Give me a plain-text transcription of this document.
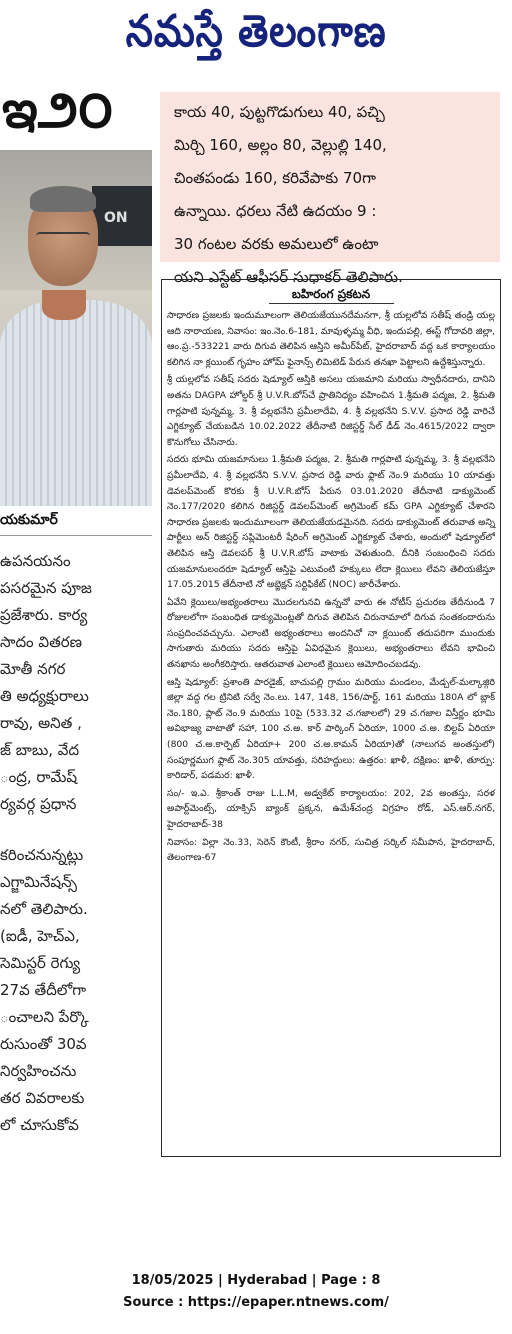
నమస్తే తెలంగాణ
ఇ౨౦
ON
యకుమార్
ఉపనయనం
పసరమైన పూజ
ప్రజేశారు. కార్య
సాదం వితరణ
మోతీ నగర
తి అధ్యక్షురాలు
రావు, అనిత ,
జ్ బాబు, వేద
ంద్ర, రామేష్
ర్యవర్గ ప్రధాన
కరించనున్నట్లు
ఎగ్జామినేషన్స్
నలో తెలిపారు.
(ఐడీ, హెచ్ఎ,
సెమిస్టర్ రెగ్యు
27వ తేదీలోగా
ంచాలని పేర్కొ
రుసుంతో 30వ
నిర్వహించను
తర వివరాలకు
లో చూసుకోవ
కాయ 40, పుట్టగొడుగులు 40, పచ్చి
మిర్చి 160, అల్లం 80, వెల్లుల్లి 140,
చింతపండు 160, కరివేపాకు 70గా
ఉన్నాయి. ధరలు నేటి ఉదయం 9 :
30 గంటల వరకు అమలులో ఉంటా
యని ఎస్టేట్ ఆఫీసర్ సుధాకర్ తెలిపారు.
బహిరంగ ప్రకటన
సాధారణ ప్రజలకు ఇందుమూలంగా తెలియజేయునదేమనగా, శ్రీ యల్లలోవ సతీష్ తండ్రి యల్ల ఆది నారాయణ, నివాసం: ఇం.నెం.6-181, మావుళ్ళమ్మ వీధి, ఇందుపల్లి, ఈస్ట్ గోదావరి జిల్లా, ఆం.ప్ర.-533221 వారు దిగువ తెలిపిన ఆస్తిని అమీర్‌పేట్, హైదరాబాద్ వద్ద ఒక కార్యాలయం కలిగిన నా క్లయింట్ గృహం హోమ్ ఫైనాన్స్ లిమిటెడ్ పేరున తనఖా పెట్టాలని ఉద్దేశిస్తున్నారు.
శ్రీ యల్లలోవ సతీష్ సదరు షెడ్యూల్ ఆస్తికి అసలు యజమాని మరియు స్వాధీనదారు, దానిని అతను DAGPA హోల్డర్ శ్రీ U.V.R.బోస్‌చే ప్రాతినిధ్యం వహించిన 1.శ్రీమతి పద్మజ, 2. శ్రీమతి గార్లపాటి పున్నమ్మ, 3. శ్రీ వల్లభనేని ప్రమీలాదేవి, 4. శ్రీ వల్లభనేని S.V.V. ప్రసాద రెడ్డి వారిచే ఎగ్జిక్యూట్ చేయబడిన 10.02.2022 తేదీనాటి రిజిస్టర్డ్ సేల్ డీడ్ నెం.4615/2022 ద్వారా కొనుగోలు చేసినారు.
సదరు భూమి యజమానులు 1.శ్రీమతి పద్మజ, 2. శ్రీమతి గార్లపాటి పున్నమ్మ, 3. శ్రీ వల్లభనేని ప్రమీలాదేవి, 4. శ్రీ వల్లభనేని S.V.V. ప్రసాద రెడ్డి వారు ఫ్లాట్ నెం.9 మరియు 10 యావత్తు డెవలప్‌మెంట్ కొరకు శ్రీ U.V.R.బోస్ పేరున 03.01.2020 తేదీనాటి డాక్యుమెంట్ నెం.177/2020 కలిగిన రిజిస్టర్డ్ డెవలప్‌మెంట్ అగ్రిమెంట్ కమ్ GPA ఎగ్జిక్యూట్ చేశారని సాధారణ ప్రజలకు ఇందుమూలంగా తెలియజేయడమైనది. సదరు డాక్యుమెంట్ తరువాత అన్ని పార్టీలు అన్ రిజిస్టర్డ్ సప్లిమెంటరీ షేరింగ్ అగ్రిమెంట్ ఎగ్జిక్యూట్ చేశారు, అందులో షెడ్యూల్‌లో తెలిపిన ఆస్తి డెవలపర్ శ్రీ U.V.R.బోస్ వాటాకు వెళుతుంది. దీనికి సంబంధించి సదరు యజమానులందరూ షెడ్యూల్ ఆస్తిపై ఎటువంటి హక్కులు లేదా క్లెయిలు లేవని తెలియజేస్తూ 17.05.2015 తేదీనాటి నో అబ్జెక్షన్ సర్టిఫికేట్ (NOC) జారీచేశారు.
ఏవేని క్లెయిలు/అభ్యంతరాలు మొదలగునవి ఉన్నచో వారు ఈ నోటీస్ ప్రచురణ తేదీనుండి 7 రోజులలోగా సంబంధిత డాక్యుమెంట్లతో దిగువ తెలిపిన చిరునామాలో దిగువ సంతకందారును సంప్రదించవచ్చును. ఎలాంటి అభ్యంతరాలు అందనిచో నా క్లయింట్ తదుపరిగా ముందుకు సాగుతారు మరియు సదరు ఆస్తిపై ఏవిధమైన క్లెయిలు, అభ్యంతరాలు లేవని భావించి తనఖాను అంగీకరిస్తారు. ఆతరువాత ఎలాంటి క్లెయిలు ఆమోదించబడవు.
ఆస్తి షెడ్యూల్: ప్రశాంతి పారడైజ్, బాచుపల్లి గ్రామం మరియు మండలం, మేడ్చల్-మల్కాజ్గిరి జిల్లా వద్ద గల ట్రినిటి సర్వే నెం.లు. 147, 148, 156/పార్ట్, 161 మరియు 180A లో బ్లాక్ నెం.180, ప్లాట్ నెం.9 మరియు 10పై (533.32 చ.గజాలలో) 29 చ.గజాల విస్తీర్ణం భూమి అవిభాజ్య వాటాతో సహా, 100 చ.అ. కార్ పార్కింగ్ ఏరియా, 1000 చ.అ. బిల్టప్ ఏరియా (800 చ.అ.కార్పెట్ ఏరియా+ 200 చ.అ.కామన్ ఏరియా)తో (నాలుగవ అంతస్తులో) సంపూర్ణముగ ఫ్లాట్ నెం.305 యావత్తు, సరిహద్దులు: ఉత్తరం: ఖాళీ, దక్షిణం: ఖాళీ, తూర్పు: కారిడార్, పడమర: ఖాళీ.
సం/- ఇ.ఎ. శ్రీకాంత్ రాజు L.L.M, అడ్వకేట్ కార్యాలయం: 202, 2వ అంతస్తు, సరళ అపార్ట్‌మెంట్స్, యాక్సిస్ బ్యాంక్ ప్రక్కన, ఉమేశ్‌చంద్ర విగ్రహం రోడ్, ఎస్.ఆర్.నగర్, హైదరాబాద్-38
నివాసం: విల్లా నెం.33, సెరెన్ కౌంటీ, శ్రీరాం నగర్, సుచిత్ర సర్కిల్ సమీపాన, హైదరాబాద్, తెలంగాణ-67
18/05/2025 | Hyderabad | Page : 8
Source : https://epaper.ntnews.com/
